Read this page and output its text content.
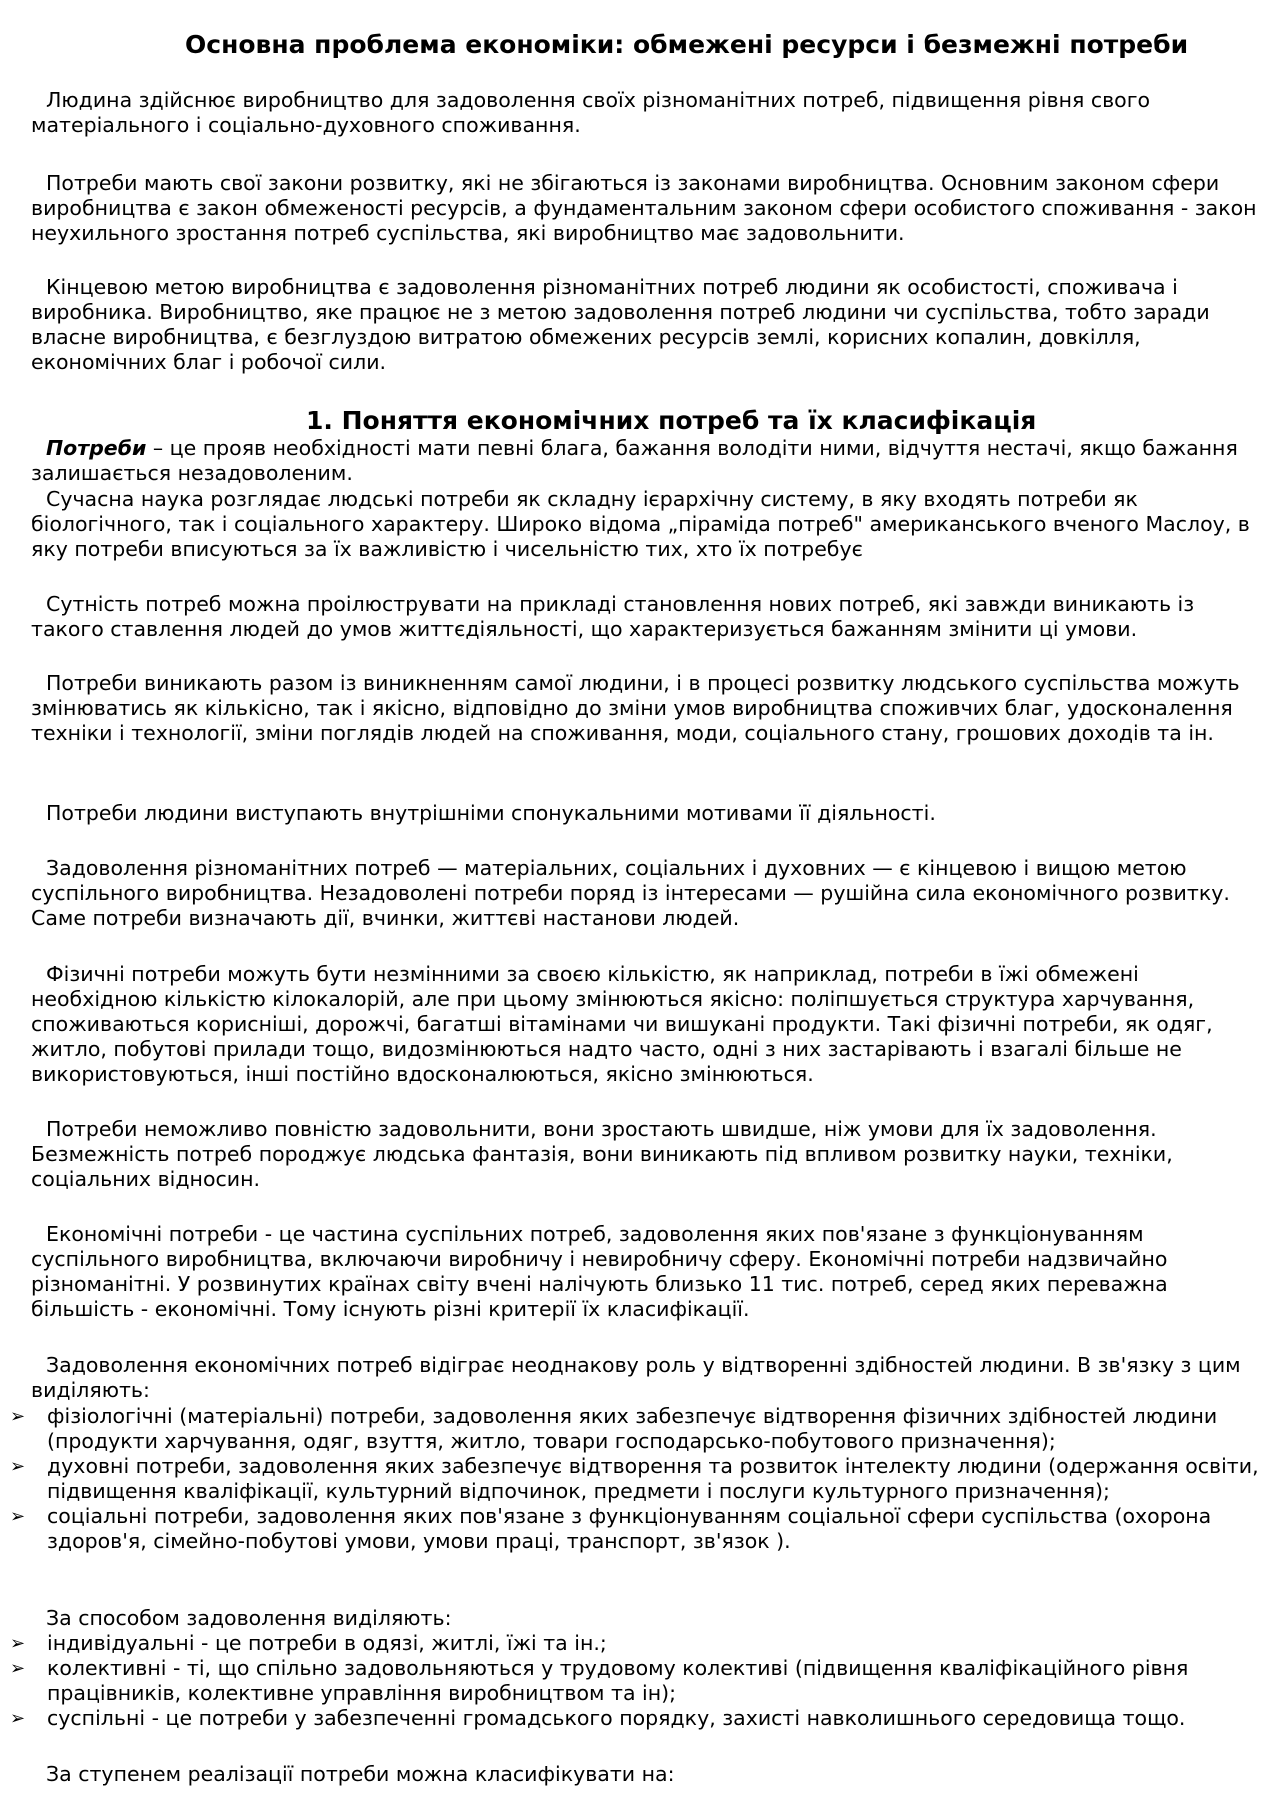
Основна проблема економіки: обмежені ресурси і безмежні потреби

Людина здійснює виробництво для задоволення своїх різноманітних потреб, підвищення рівня свого матеріального і соціально-духовного споживання.

Потреби мають свої закони розвитку, які не збігаються із законами виробництва. Основним законом сфери виробництва є закон обмеженості ресурсів, а фундаментальним законом сфери особистого споживання - закон неухильного зростання потреб суспільства, які виробництво має задовольнити.

Кінцевою метою виробництва є задоволення різноманітних потреб людини як особистості, споживача і виробника. Виробництво, яке працює не з метою задоволення потреб людини чи суспільства, тобто заради власне виробництва, є безглуздою витратою обмежених ресурсів землі, корисних копалин, довкілля, економічних благ і робочої сили.

1. Поняття економічних потреб та їх класифікація

Потреби – це прояв необхідності мати певні блага, бажання володіти ними, відчуття нестачі, якщо бажання залишається незадоволеним.

Сучасна наука розглядає людські потреби як складну ієрархічну систему, в яку входять потреби як біологічного, так і соціального характеру. Широко відома „піраміда потреб" американського вченого Маслоу, в яку потреби вписуються за їх важливістю і чисельністю тих, хто їх потребує

Сутність потреб можна проілюструвати на прикладі становлення нових потреб, які завжди виникають із такого ставлення людей до умов життєдіяльності, що характеризується бажанням змінити ці умови.

Потреби виникають разом із виникненням самої людини, і в процесі розвитку людського суспільства можуть змінюватись як кількісно, так і якісно, відповідно до зміни умов виробництва споживчих благ, удосконалення техніки і технології, зміни поглядів людей на споживання, моди, соціального стану, грошових доходів та ін.

Потреби людини виступають внутрішніми спонукальними мотивами її діяльності.

Задоволення різноманітних потреб — матеріальних, соціальних і духовних — є кінцевою і вищою метою суспільного виробництва. Незадоволені потреби поряд із інтересами — рушійна сила економічного розвитку. Саме потреби визначають дії, вчинки, життєві настанови людей.

Фізичні потреби можуть бути незмінними за своєю кількістю, як наприклад, потреби в їжі обмежені необхідною кількістю кілокалорій, але при цьому змінюються якісно: поліпшується структура харчування, споживаються корисніші, дорожчі, багатші вітамінами чи вишукані продукти. Такі фізичні потреби, як одяг, житло, побутові прилади тощо, видозмінюються надто часто, одні з них застарівають і взагалі більше не використовуються, інші постійно вдосконалюються, якісно змінюються.

Потреби неможливо повністю задовольнити, вони зростають швидше, ніж умови для їх задоволення. Безмежність потреб породжує людська фантазія, вони виникають під впливом розвитку науки, техніки, соціальних відносин.

Економічні потреби - це частина суспільних потреб, задоволення яких пов'язане з функціонуванням суспільного виробництва, включаючи виробничу і невиробничу сферу. Економічні потреби надзвичайно різноманітні. У розвинутих країнах світу вчені налічують близько 11 тис. потреб, серед яких переважна більшість - економічні. Тому існують різні критерії їх класифікації.

Задоволення економічних потреб відіграє неоднакову роль у відтворенні здібностей людини. В зв'язку з цим виділяють:

➢ фізіологічні (матеріальні) потреби, задоволення яких забезпечує відтворення фізичних здібностей людини (продукти харчування, одяг, взуття, житло, товари господарсько-побутового призначення);
➢ духовні потреби, задоволення яких забезпечує відтворення та розвиток інтелекту людини (одержання освіти, підвищення кваліфікації, культурний відпочинок, предмети і послуги культурного призначення);
➢ соціальні потреби, задоволення яких пов'язане з функціонуванням соціальної сфери суспільства (охорона здоров'я, сімейно-побутові умови, умови праці, транспорт, зв'язок ).

За способом задоволення виділяють:

➢ індивідуальні - це потреби в одязі, житлі, їжі та ін.;
➢ колективні - ті, що спільно задовольняються у трудовому колективі (підвищення кваліфікаційного рівня працівників, колективне управління виробництвом та ін);
➢ суспільні - це потреби у забезпеченні громадського порядку, захисті навколишнього середовища тощо.

За ступенем реалізації потреби можна класифікувати на:
